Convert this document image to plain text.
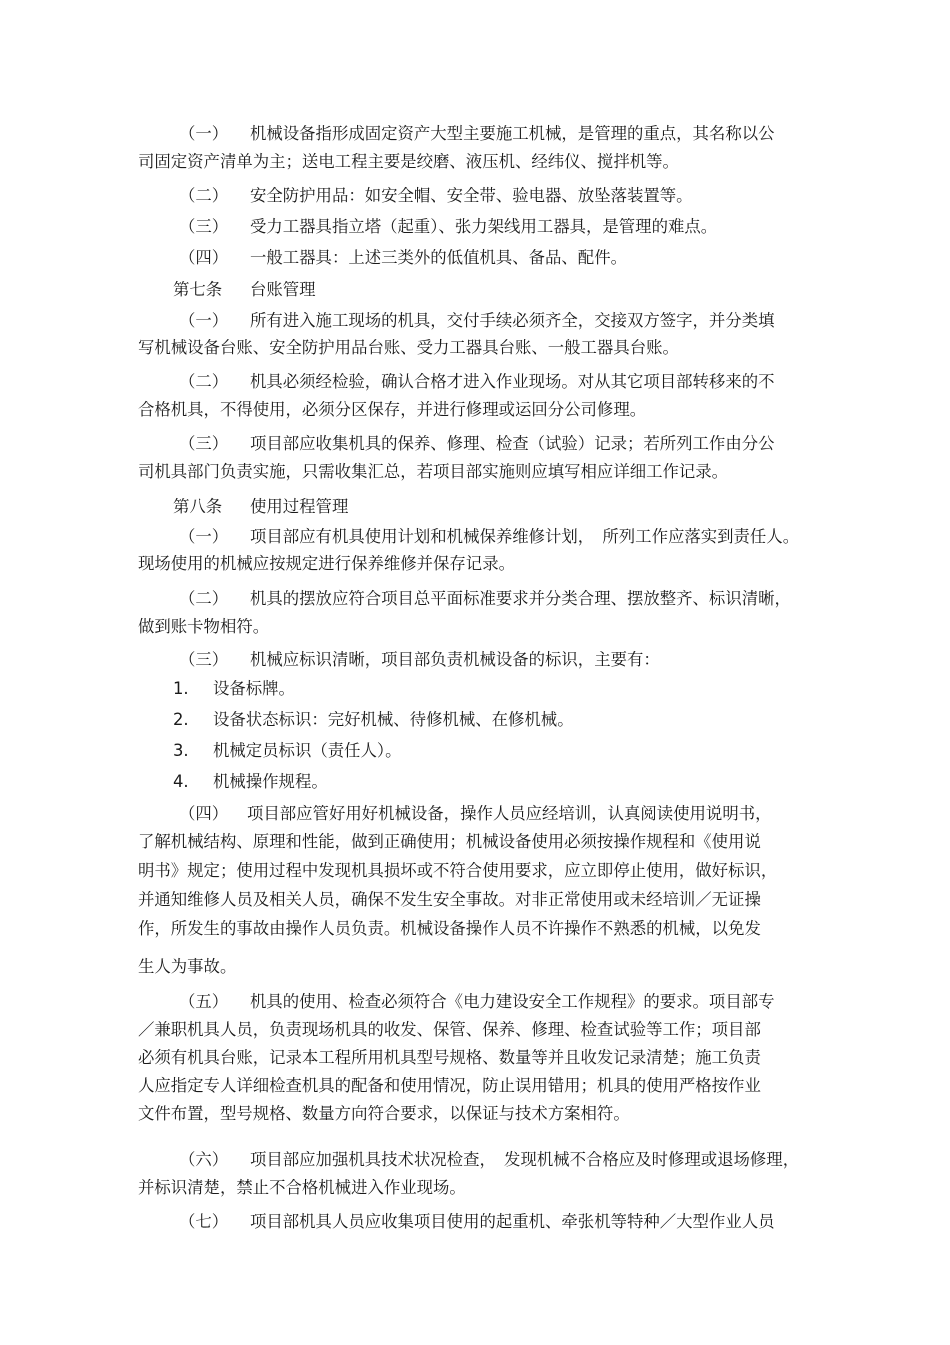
（一） 机械设备指形成固定资产大型主要施工机械，是管理的重点，其名称以公
司固定资产清单为主；送电工程主要是绞磨、液压机、经纬仪、搅拌机等。
（二） 安全防护用品：如安全帽、安全带、验电器、放坠落装置等。
（三） 受力工器具指立塔（起重）、张力架线用工器具，是管理的难点。
（四） 一般工器具：上述三类外的低值机具、备品、配件。
第七条 台账管理
（一） 所有进入施工现场的机具，交付手续必须齐全，交接双方签字，并分类填
写机械设备台账、安全防护用品台账、受力工器具台账、一般工器具台账。
（二） 机具必须经检验，确认合格才进入作业现场。对从其它项目部转移来的不
合格机具，不得使用，必须分区保存，并进行修理或运回分公司修理。
（三） 项目部应收集机具的保养、修理、检查（试验）记录；若所列工作由分公
司机具部门负责实施，只需收集汇总，若项目部实施则应填写相应详细工作记录。
第八条 使用过程管理
（一） 项目部应有机具使用计划和机械保养维修计划，　所列工作应落实到责任人。
现场使用的机械应按规定进行保养维修并保存记录。
（二） 机具的摆放应符合项目总平面标准要求并分类合理、摆放整齐、标识清晰，
做到账卡物相符。
（三） 机械应标识清晰，项目部负责机械设备的标识，主要有：
1. 设备标牌。
2. 设备状态标识：完好机械、待修机械、在修机械。
3. 机械定员标识（责任人）。
4. 机械操作规程。
（四） 项目部应管好用好机械设备，操作人员应经培训，认真阅读使用说明书，
了解机械结构、原理和性能，做到正确使用；机械设备使用必须按操作规程和《使用说
明书》规定；使用过程中发现机具损坏或不符合使用要求，应立即停止使用，做好标识，
并通知维修人员及相关人员，确保不发生安全事故。对非正常使用或未经培训／无证操
作，所发生的事故由操作人员负责。机械设备操作人员不许操作不熟悉的机械，以免发
生人为事故。
（五） 机具的使用、检查必须符合《电力建设安全工作规程》的要求。项目部专
／兼职机具人员，负责现场机具的收发、保管、保养、修理、检查试验等工作；项目部
必须有机具台账，记录本工程所用机具型号规格、数量等并且收发记录清楚；施工负责
人应指定专人详细检查机具的配备和使用情况，防止误用错用；机具的使用严格按作业
文件布置，型号规格、数量方向符合要求，以保证与技术方案相符。
（六） 项目部应加强机具技术状况检查，　发现机械不合格应及时修理或退场修理，
并标识清楚，禁止不合格机械进入作业现场。
（七） 项目部机具人员应收集项目使用的起重机、牵张机等特种／大型作业人员
